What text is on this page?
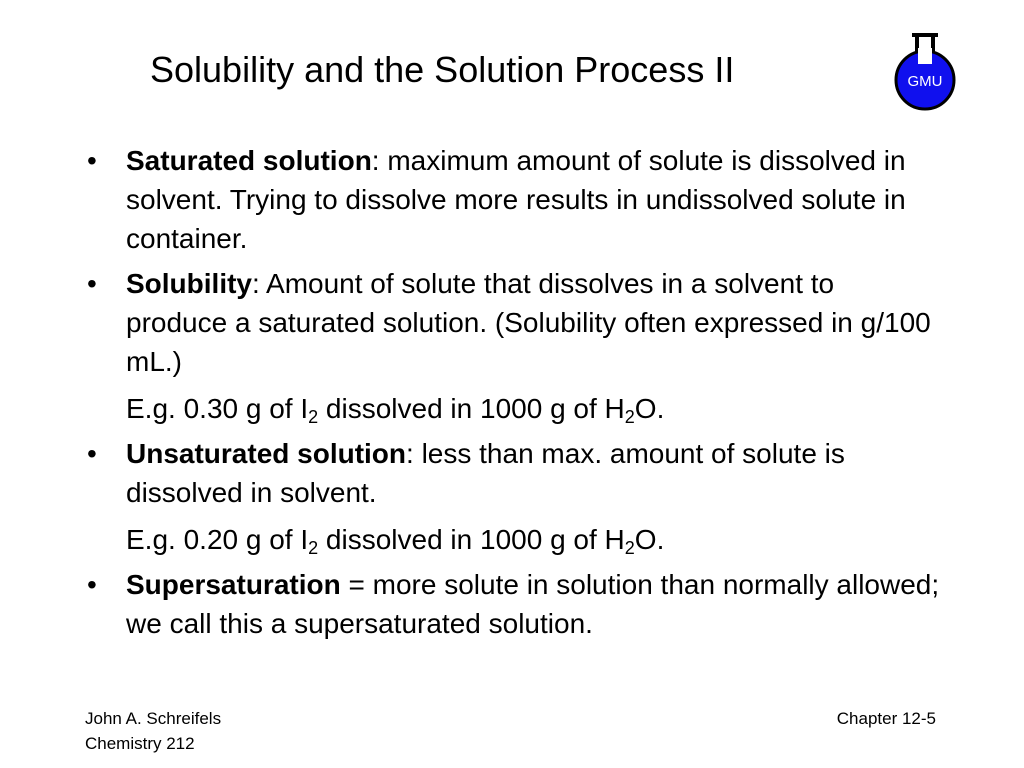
Solubility and the Solution Process II	GMU
• Saturated solution: maximum amount of solute is dissolved in solvent. Trying to dissolve more results in undissolved solute in container.
• Solubility: Amount of solute that dissolves in a solvent to produce a saturated solution. (Solubility often expressed in g/100 mL.)
E.g. 0.30 g of $I_2$ dissolved in 1000 g of $H_2O$.
• Unsaturated solution: less than max. amount of solute is dissolved in solvent.
E.g. 0.20 g of $I_2$ dissolved in 1000 g of $H_2O$.
• Supersaturation = more solute in solution than normally allowed; we call this a supersaturated solution.
John A. Schreifels
Chemistry 212
Chapter 12-5
